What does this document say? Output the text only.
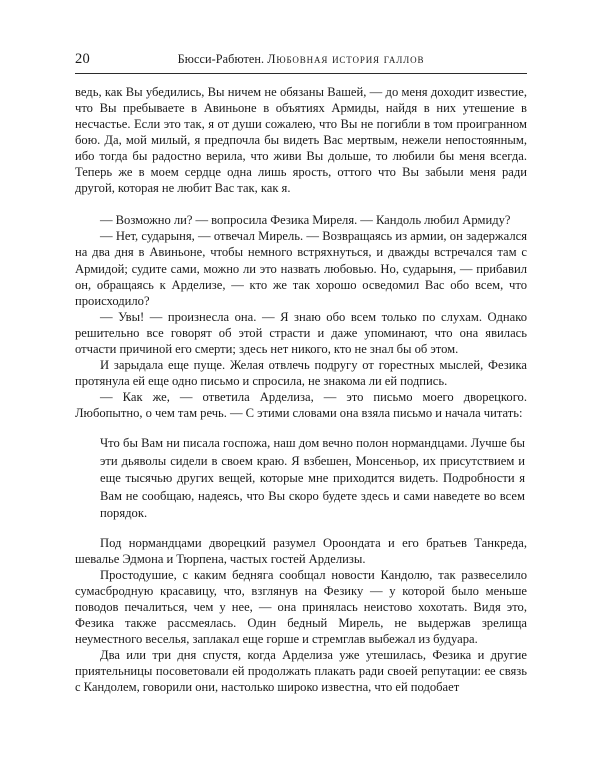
20	Бюсси-Рабютен. Любовная история галлов

ведь, как Вы убедились, Вы ничем не обязаны Вашей, — до меня доходит известие, что Вы пребываете в Авиньоне в объятиях Армиды, найдя в них утешение в несчастье. Если это так, я от души сожалею, что Вы не погибли в том проигранном бою. Да, мой милый, я предпочла бы видеть Вас мертвым, нежели непостоянным, ибо тогда бы радостно верила, что живи Вы дольше, то любили бы меня всегда. Теперь же в моем сердце одна лишь ярость, оттого что Вы забыли меня ради другой, которая не любит Вас так, как я.

— Возможно ли? — вопросила Фезика Миреля. — Кандоль любил Армиду?

— Нет, сударыня, — отвечал Мирель. — Возвращаясь из армии, он задержался на два дня в Авиньоне, чтобы немного встряхнуться, и дважды встречался там с Армидой; судите сами, можно ли это назвать любовью. Но, сударыня, — прибавил он, обращаясь к Арделизе, — кто же так хорошо осведомил Вас обо всем, что происходило?

— Увы! — произнесла она. — Я знаю обо всем только по слухам. Однако решительно все говорят об этой страсти и даже упоминают, что она явилась отчасти причиной его смерти; здесь нет никого, кто не знал бы об этом.

И зарыдала еще пуще. Желая отвлечь подругу от горестных мыслей, Фезика протянула ей еще одно письмо и спросила, не знакома ли ей подпись.

— Как же, — ответила Арделиза, — это письмо моего дворецкого. Любопытно, о чем там речь. — С этими словами она взяла письмо и начала читать:

Что бы Вам ни писала госпожа, наш дом вечно полон нормандцами. Лучше бы эти дьяволы сидели в своем краю. Я взбешен, Монсеньор, их присутствием и еще тысячью других вещей, которые мне приходится видеть. Подробности я Вам не сообщаю, надеясь, что Вы скоро будете здесь и сами наведете во всем порядок.

Под нормандцами дворецкий разумел Ороондата и его братьев Танкреда, шевалье Эдмона и Тюрпена, частых гостей Арделизы.

Простодушие, с каким бедняга сообщал новости Кандолю, так развеселило сумасбродную красавицу, что, взглянув на Фезику — у которой было меньше поводов печалиться, чем у нее, — она принялась неистово хохотать. Видя это, Фезика также рассмеялась. Один бедный Мирель, не выдержав зрелища неуместного веселья, заплакал еще горше и стремглав выбежал из будуара.

Два или три дня спустя, когда Арделиза уже утешилась, Фезика и другие приятельницы посоветовали ей продолжать плакать ради своей репутации: ее связь с Кандолем, говорили они, настолько широко известна, что ей подобает
